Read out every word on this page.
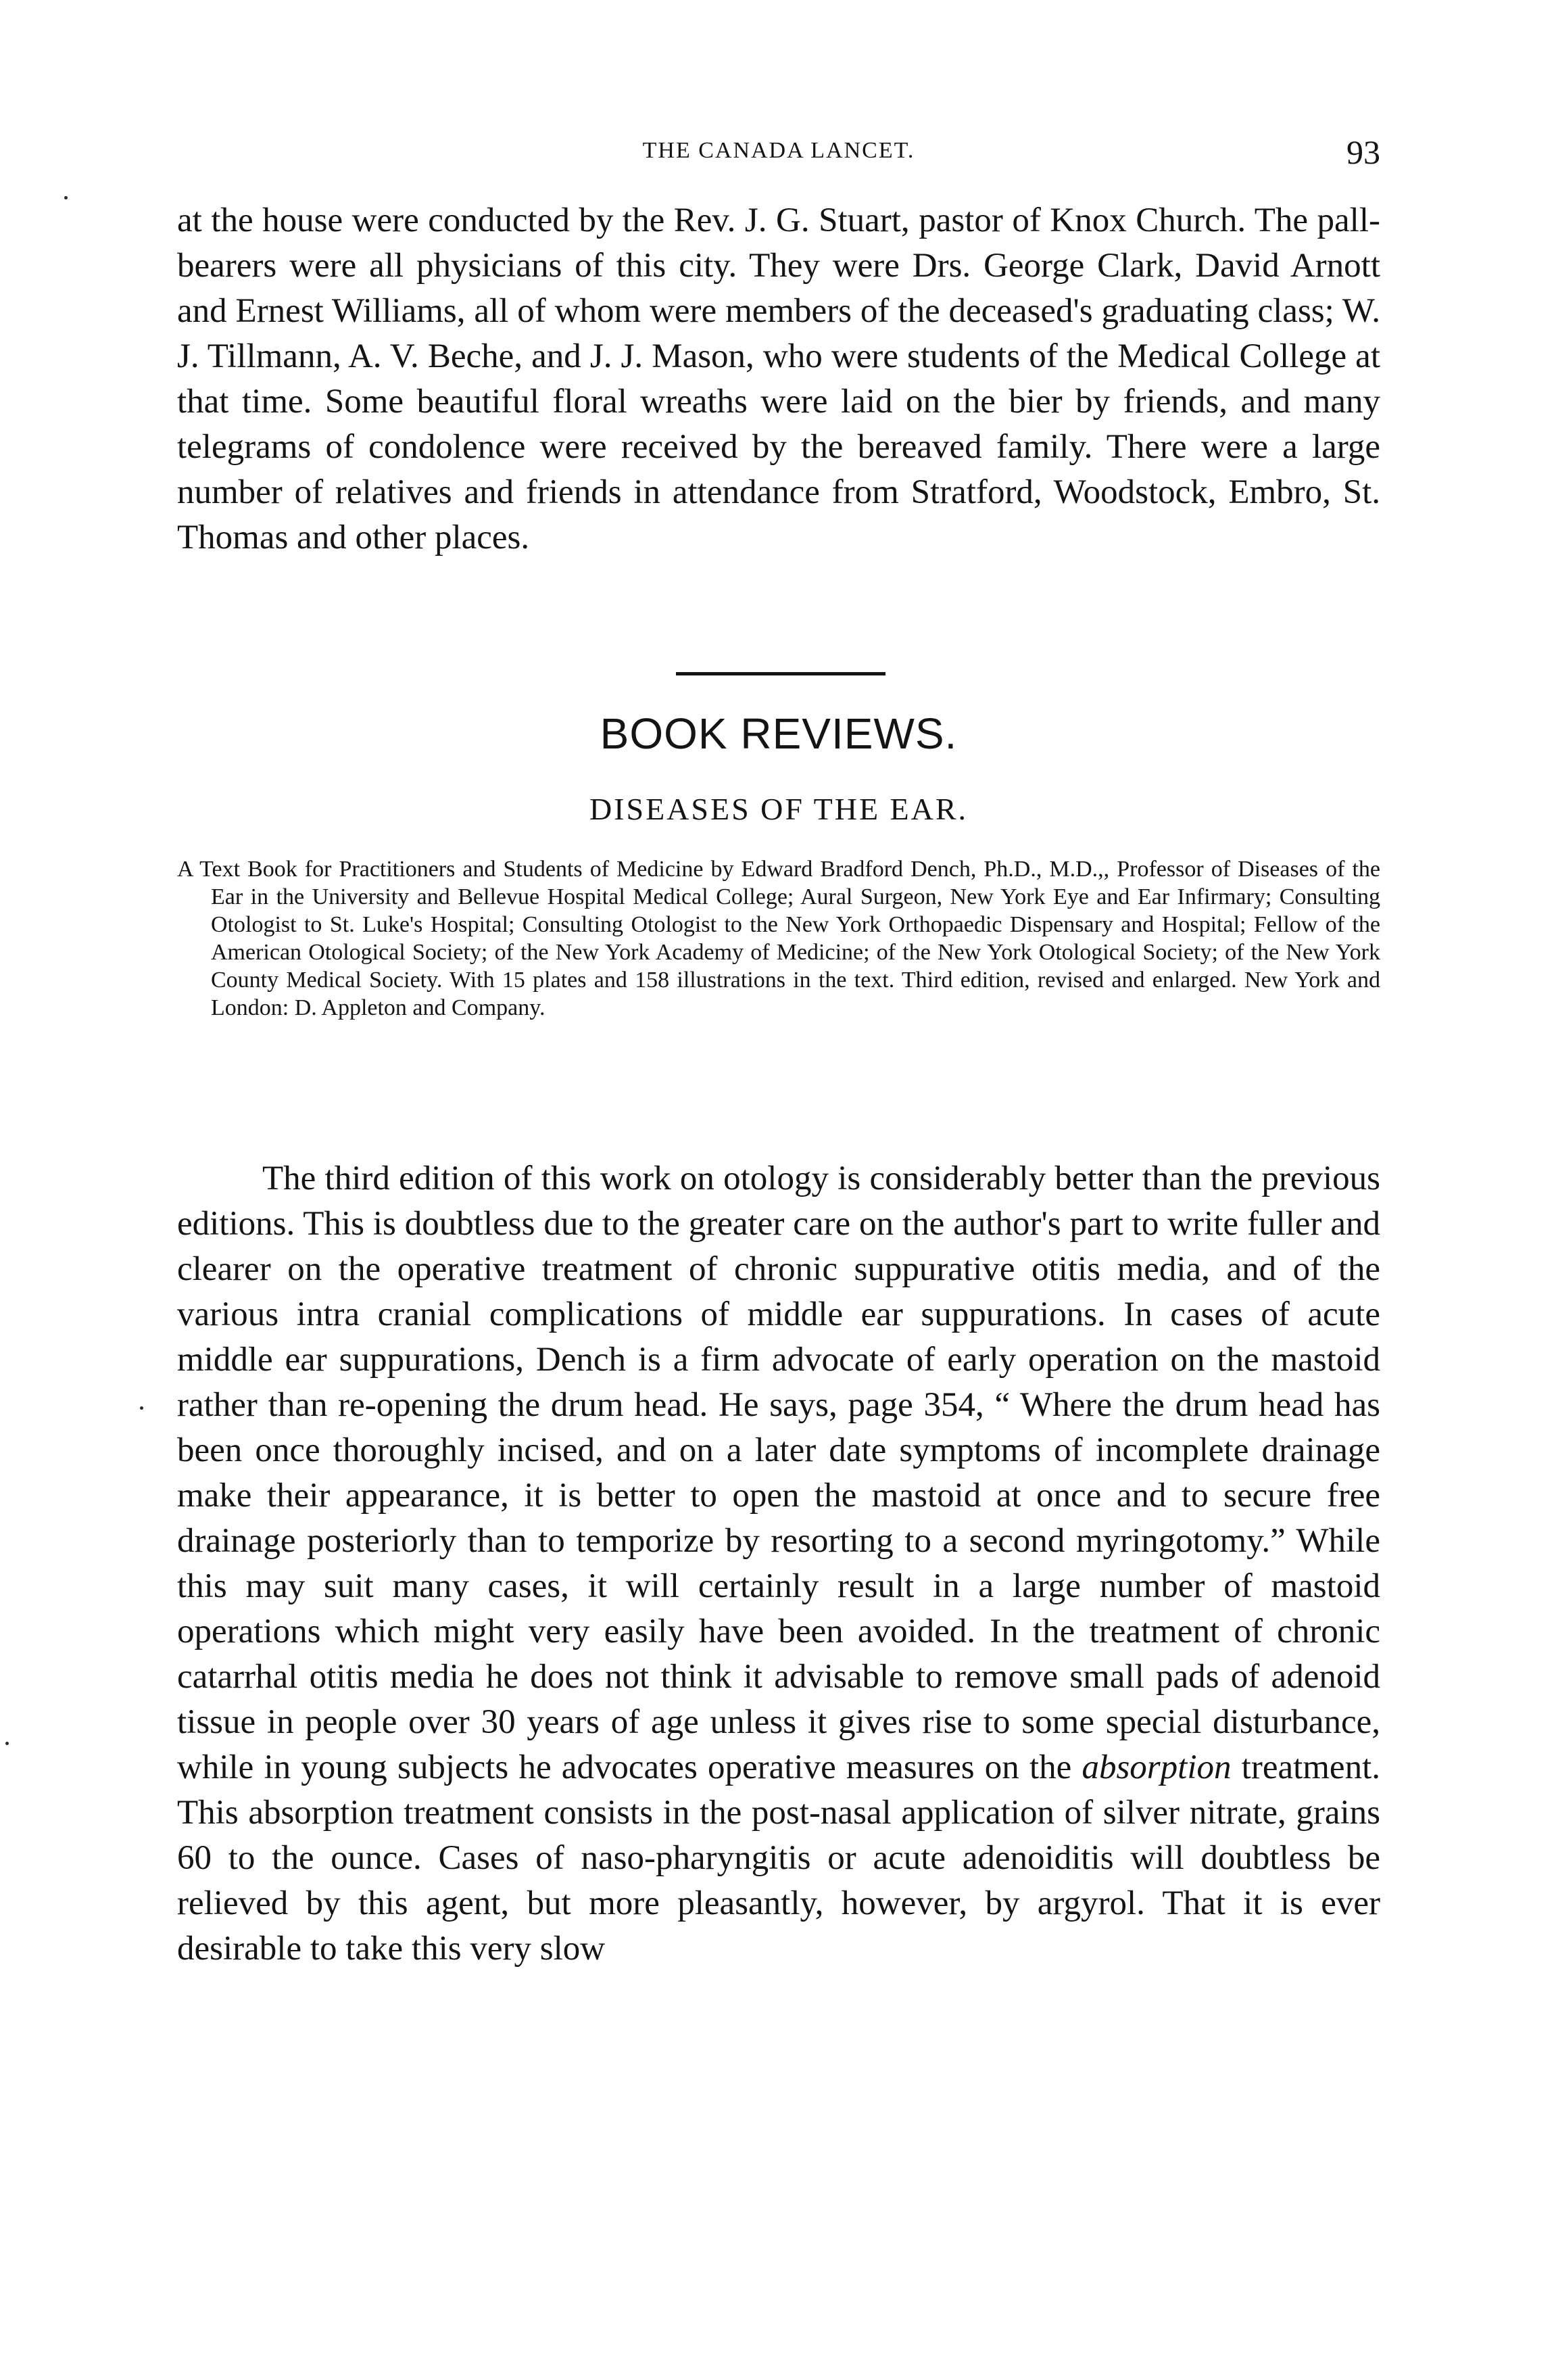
THE CANADA LANCET.	93

at the house were conducted by the Rev. J. G. Stuart, pastor of Knox Church. The pall-bearers were all physicians of this city. They were Drs. George Clark, David Arnott and Ernest Williams, all of whom were members of the deceased's graduating class; W. J. Tillmann, A. V. Beche, and J. J. Mason, who were students of the Medical College at that time. Some beautiful floral wreaths were laid on the bier by friends, and many telegrams of condolence were received by the bereaved family. There were a large number of relatives and friends in attendance from Stratford, Woodstock, Embro, St. Thomas and other places.

BOOK REVIEWS.
DISEASES OF THE EAR.

A Text Book for Practitioners and Students of Medicine by Edward Bradford Dench, Ph.D., M.D.,, Professor of Diseases of the Ear in the University and Bellevue Hospital Medical College; Aural Surgeon, New York Eye and Ear Infirmary; Consulting Otologist to St. Luke's Hospital; Consulting Otologist to the New York Orthopaedic Dispensary and Hospital; Fellow of the American Otological Society; of the New York Academy of Medicine; of the New York Otological Society; of the New York County Medical Society. With 15 plates and 158 illustrations in the text. Third edition, revised and enlarged. New York and London: D. Appleton and Company.

The third edition of this work on otology is considerably better than the previous editions. This is doubtless due to the greater care on the author's part to write fuller and clearer on the operative treatment of chronic suppurative otitis media, and of the various intra cranial complications of middle ear suppurations. In cases of acute middle ear suppurations, Dench is a firm advocate of early operation on the mastoid rather than re-opening the drum head. He says, page 354, “ Where the drum head has been once thoroughly incised, and on a later date symptoms of incomplete drainage make their appearance, it is better to open the mastoid at once and to secure free drainage posteriorly than to temporize by resorting to a second myringotomy.” While this may suit many cases, it will certainly result in a large number of mastoid operations which might very easily have been avoided. In the treatment of chronic catarrhal otitis media he does not think it advisable to remove small pads of adenoid tissue in people over 30 years of age unless it gives rise to some special disturbance, while in young subjects he advocates operative measures on the absorption treatment. This absorption treatment consists in the post-nasal application of silver nitrate, grains 60 to the ounce. Cases of naso-pharyngitis or acute adenoiditis will doubtless be relieved by this agent, but more pleasantly, however, by argyrol. That it is ever desirable to take this very slow
